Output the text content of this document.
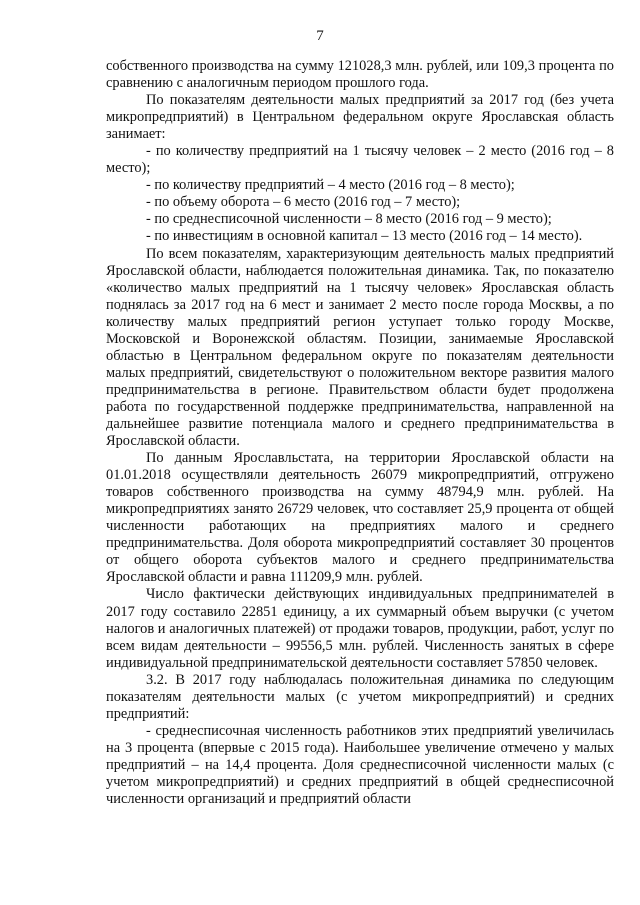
7

собственного производства на сумму 121028,3 млн. рублей, или 109,3 процента по сравнению с аналогичным периодом прошлого года.

По показателям деятельности малых предприятий за 2017 год (без учета микропредприятий) в Центральном федеральном округе Ярославская область занимает:

- по количеству предприятий на 1 тысячу человек – 2 место (2016 год – 8 место);

- по количеству предприятий – 4 место (2016 год – 8 место);

- по объему оборота – 6 место (2016 год – 7 место);

- по среднесписочной численности – 8 место (2016 год – 9 место);

- по инвестициям в основной капитал – 13 место (2016 год – 14 место).

По всем показателям, характеризующим деятельность малых предприятий Ярославской области, наблюдается положительная динамика. Так, по показателю «количество малых предприятий на 1 тысячу человек» Ярославская область поднялась за 2017 год на 6 мест и занимает 2 место после города Москвы, а по количеству малых предприятий регион уступает только городу Москве, Московской и Воронежской областям. Позиции, занимаемые Ярославской областью в Центральном федеральном округе по показателям деятельности малых предприятий, свидетельствуют о положительном векторе развития малого предпринимательства в регионе. Правительством области будет продолжена работа по государственной поддержке предпринимательства, направленной на дальнейшее развитие потенциала малого и среднего предпринимательства в Ярославской области.

По данным Ярославльстата, на территории Ярославской области на 01.01.2018 осуществляли деятельность 26079 микропредприятий, отгружено товаров собственного производства на сумму 48794,9 млн. рублей. На микропредприятиях занято 26729 человек, что составляет 25,9 процента от общей численности работающих на предприятиях малого и среднего предпринимательства. Доля оборота микропредприятий составляет 30 процентов от общего оборота субъектов малого и среднего предпринимательства Ярославской области и равна 111209,9 млн. рублей.

Число фактически действующих индивидуальных предпринимателей в 2017 году составило 22851 единицу, а их суммарный объем выручки (с учетом налогов и аналогичных платежей) от продажи товаров, продукции, работ, услуг по всем видам деятельности – 99556,5 млн. рублей. Численность занятых в сфере индивидуальной предпринимательской деятельности составляет 57850 человек.

3.2. В 2017 году наблюдалась положительная динамика по следующим показателям деятельности малых (с учетом микропредприятий) и средних предприятий:

- среднесписочная численность работников этих предприятий увеличилась на 3 процента (впервые с 2015 года). Наибольшее увеличение отмечено у малых предприятий – на 14,4 процента. Доля среднесписочной численности малых (с учетом микропредприятий) и средних предприятий в общей среднесписочной численности организаций и предприятий области
